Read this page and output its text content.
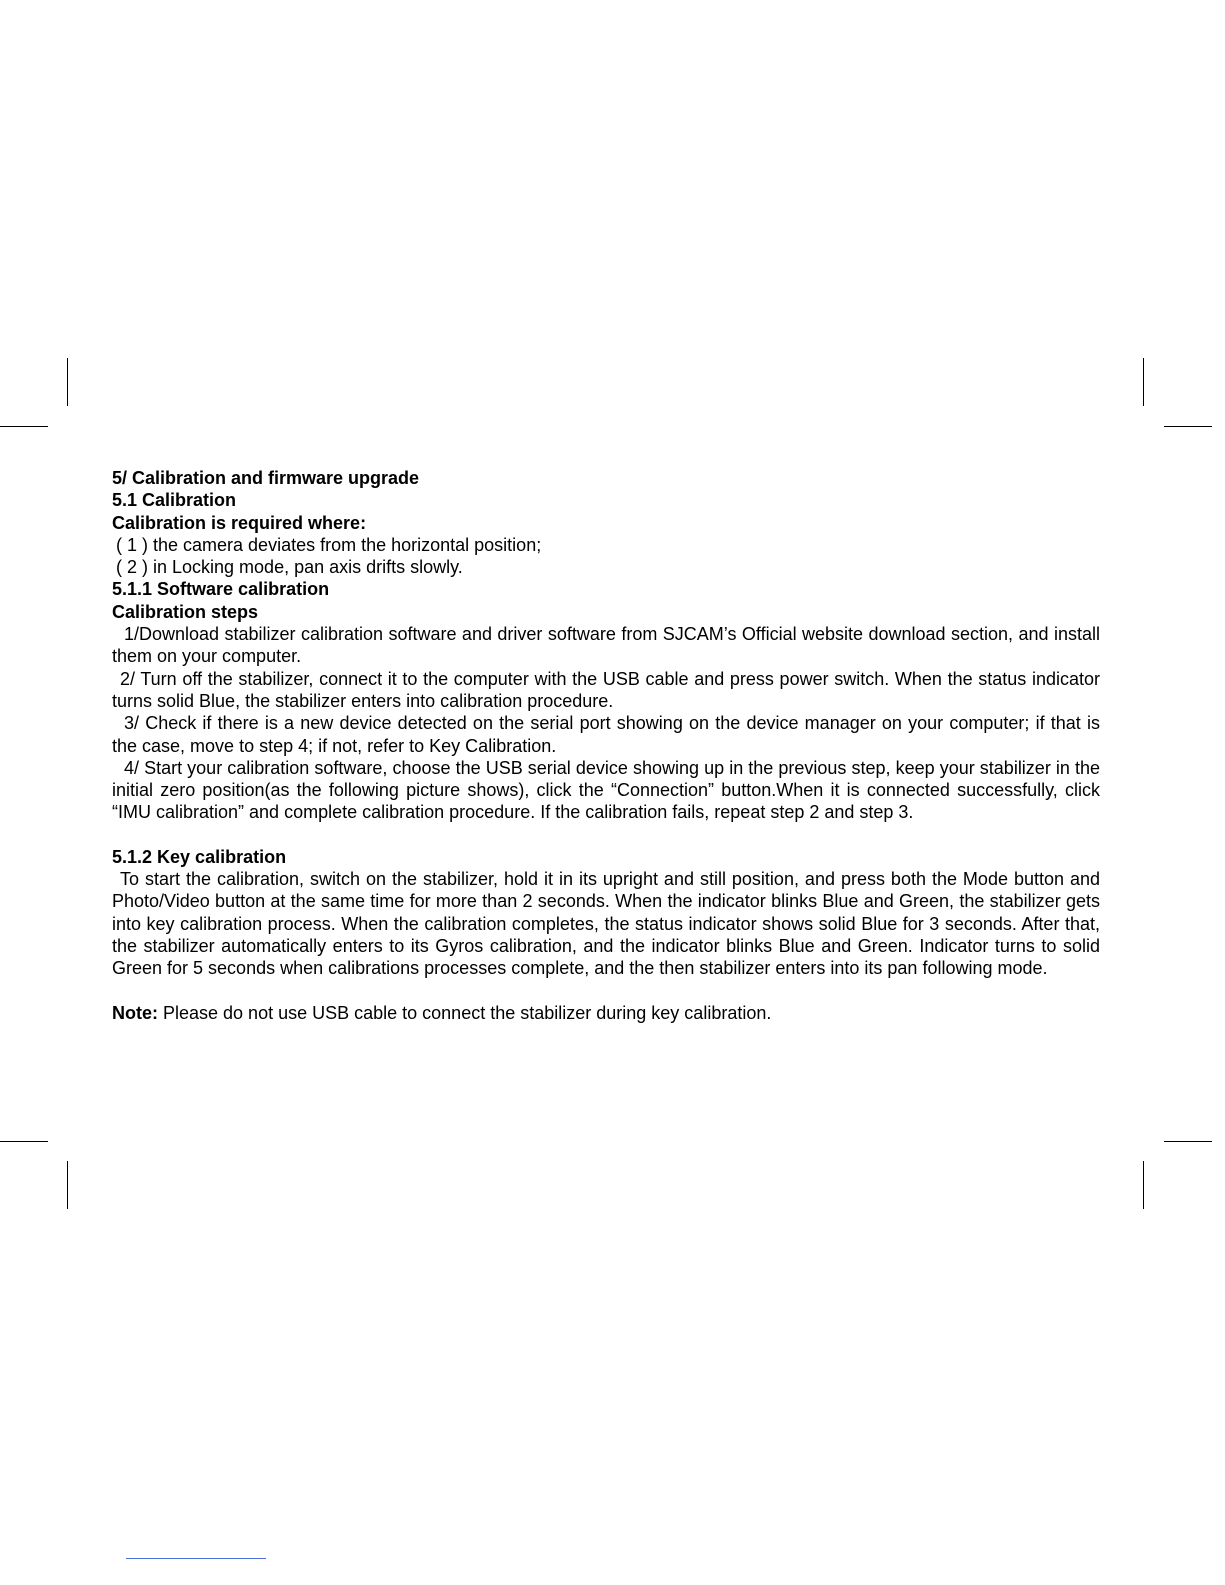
5/ Calibration and firmware upgrade
5.1 Calibration
Calibration is required where:
( 1 ) the camera deviates from the horizontal position;
( 2 ) in Locking mode, pan axis drifts slowly.
5.1.1 Software calibration
Calibration steps

1/Download stabilizer calibration software and driver software from SJCAM’s Official website download section, and install them on your computer.

2/ Turn off the stabilizer, connect it to the computer with the USB cable and press power switch. When the status indicator turns solid Blue, the stabilizer enters into calibration procedure.

3/ Check if there is a new device detected on the serial port showing on the device manager on your computer; if that is the case, move to step 4; if not, refer to Key Calibration.

4/ Start your calibration software, choose the USB serial device showing up in the previous step, keep your stabilizer in the initial zero position(as the following picture shows), click the “Connection” button.When it is connected successfully, click “IMU calibration” and complete calibration procedure. If the calibration fails, repeat step 2 and step 3.

5.1.2 Key calibration

To start the calibration, switch on the stabilizer, hold it in its upright and still position, and press both the Mode button and Photo/Video button at the same time for more than 2 seconds. When the indicator blinks Blue and Green, the stabilizer gets into key calibration process. When the calibration completes, the status indicator shows solid Blue for 3 seconds. After that, the stabilizer automatically enters to its Gyros calibration, and the indicator blinks Blue and Green. Indicator turns to solid Green for 5 seconds when calibrations processes complete, and the then stabilizer enters into its pan following mode.

Note: Please do not use USB cable to connect the stabilizer during key calibration.
